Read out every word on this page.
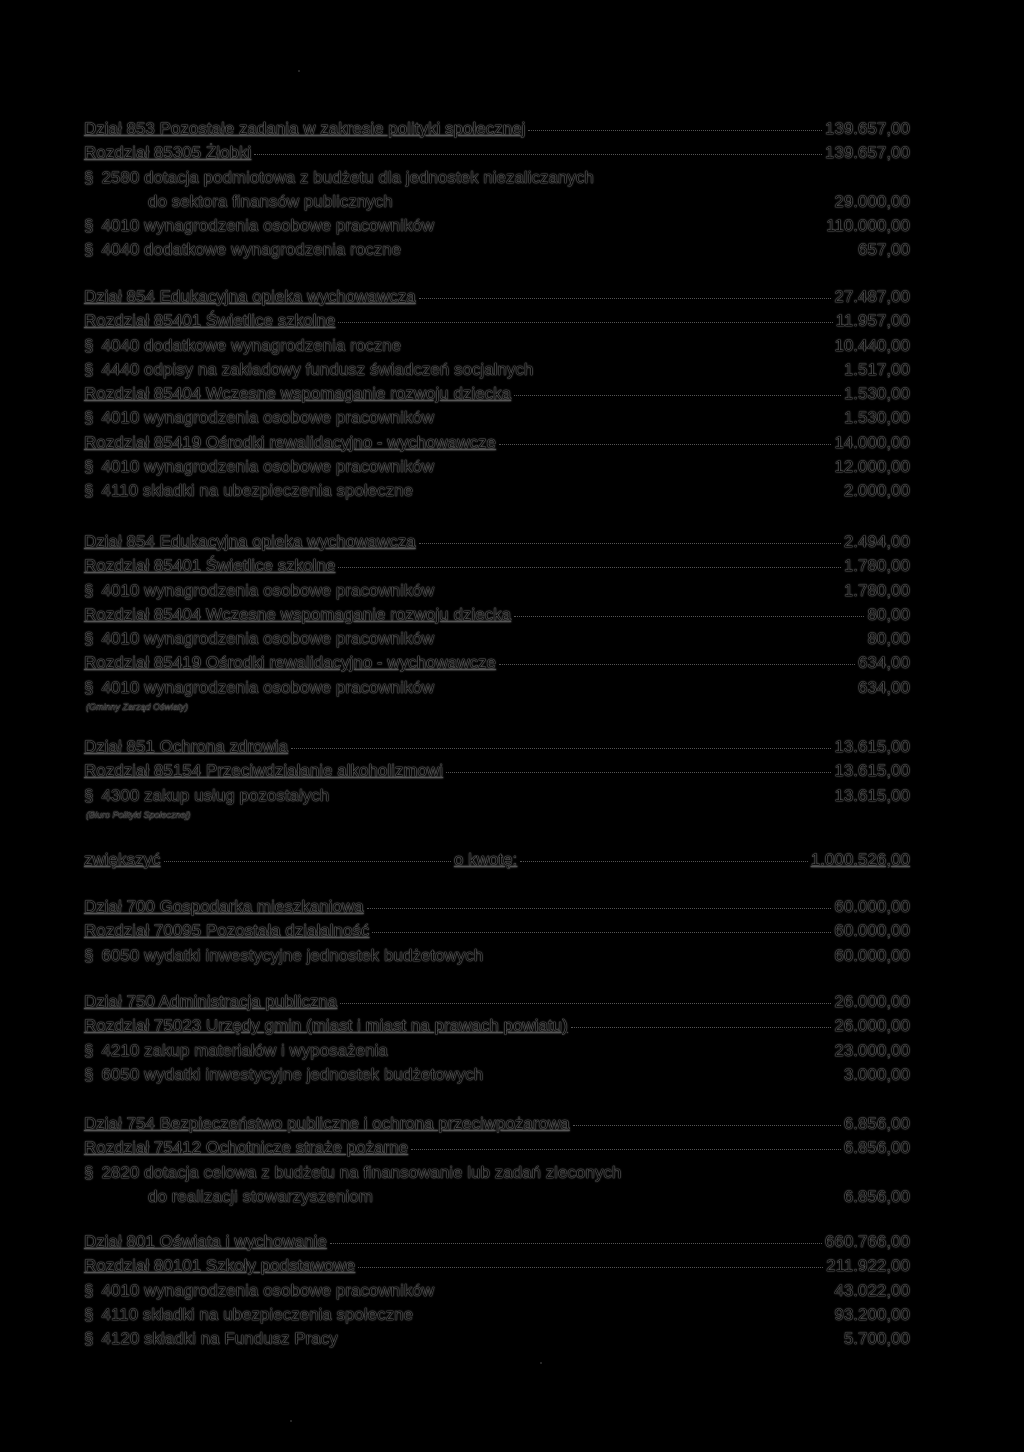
zwiększyć	o kwotę:	1.000.526,00
Dział 853 Pozostałe zadania w zakresie polityki społecznej	139.657,00
Rozdział 85305 Żłobki	139.657,00
§ 2580 dotacja podmiotowa z budżetu dla jednostek niezaliczanych
do sektora finansów publicznych	29.000,00
§ 4010 wynagrodzenia osobowe pracowników	110.000,00
§ 4040 dodatkowe wynagrodzenia roczne	657,00
Dział 854 Edukacyjna opieka wychowawcza	27.487,00
Rozdział 85401 Świetlice szkolne	11.957,00
§ 4040 dodatkowe wynagrodzenia roczne	10.440,00
§ 4440 odpisy na zakładowy fundusz świadczeń socjalnych	1.517,00
Rozdział 85404 Wczesne wspomaganie rozwoju dziecka	1.530,00
§ 4010 wynagrodzenia osobowe pracowników	1.530,00
Rozdział 85419 Ośrodki rewalidacyjno - wychowawcze	14.000,00
§ 4010 wynagrodzenia osobowe pracowników	12.000,00
§ 4110 składki na ubezpieczenia społeczne	2.000,00
Dział 854 Edukacyjna opieka wychowawcza	2.494,00
Rozdział 85401 Świetlice szkolne	1.780,00
§ 4010 wynagrodzenia osobowe pracowników	1.780,00
Rozdział 85404 Wczesne wspomaganie rozwoju dziecka	80,00
§ 4010 wynagrodzenia osobowe pracowników	80,00
Rozdział 85419 Ośrodki rewalidacyjno - wychowawcze	634,00
§ 4010 wynagrodzenia osobowe pracowników	634,00
(Gminny Zarząd Oświaty)
Dział 851 Ochrona zdrowia	13.615,00
Rozdział 85154 Przeciwdziałanie alkoholizmowi	13.615,00
§ 4300 zakup usług pozostałych	13.615,00
(Biuro Polityki Społecznej)
Dział 700 Gospodarka mieszkaniowa	60.000,00
Rozdział 70095 Pozostała działalność	60.000,00
§ 6050 wydatki inwestycyjne jednostek budżetowych	60.000,00
Dział 750 Administracja publiczna	26.000,00
Rozdział 75023 Urzędy gmin (miast i miast na prawach powiatu)	26.000,00
§ 4210 zakup materiałów i wyposażenia	23.000,00
§ 6050 wydatki inwestycyjne jednostek budżetowych	3.000,00
Dział 754 Bezpieczeństwo publiczne i ochrona przeciwpożarowa	6.856,00
Rozdział 75412 Ochotnicze straże pożarne	6.856,00
§ 2820 dotacja celowa z budżetu na finansowanie lub zadań zleconych
do realizacji stowarzyszeniom	6.856,00
Dział 801 Oświata i wychowanie	660.766,00
Rozdział 80101 Szkoły podstawowe	211.922,00
§ 4010 wynagrodzenia osobowe pracowników	43.022,00
§ 4110 składki na ubezpieczenia społeczne	93.200,00
§ 4120 składki na Fundusz Pracy	5.700,00
